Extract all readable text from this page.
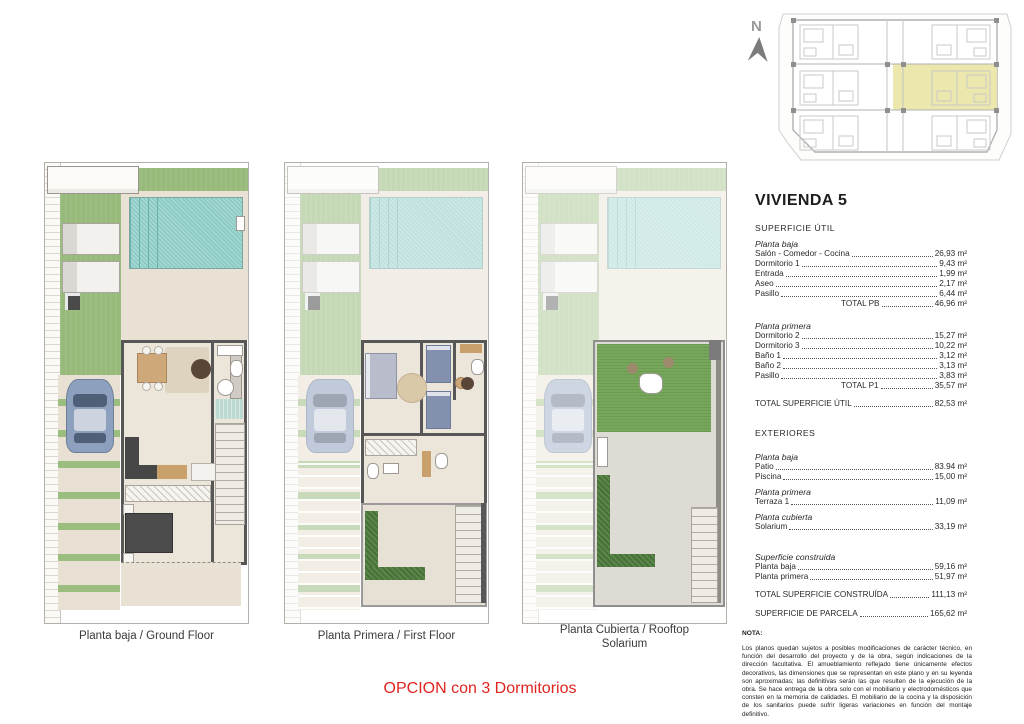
N
Planta baja / Ground Floor	Planta Primera / First Floor	Planta Cubierta / Rooftop Solarium
OPCION con 3 Dormitorios
VIVIENDA 5
SUPERFICIE ÚTIL
Planta baja
Salón - Comedor - Cocina	26,93 m²
Dormitorio 1	9,43 m²
Entrada	1,99 m²
Aseo	2,17 m²
Pasillo	6,44 m²
TOTAL PB	46,96 m²
Planta primera
Dormitorio 2	15,27 m²
Dormitorio 3	10,22 m²
Baño 1	3,12 m²
Baño 2	3,13 m²
Pasillo	3,83 m²
TOTAL P1	35,57 m²
TOTAL SUPERFICIE ÚTIL	82,53 m²
EXTERIORES
Planta baja
Patio	83.94 m²
Piscina	15,00 m²
Planta primera
Terraza 1	11,09 m²
Planta cubierta
Solarium	33,19 m²
Superficie construida
Planta baja	59,16 m²
Planta primera	51,97 m²
TOTAL SUPERFICIE CONSTRUÍDA	111,13 m²
SUPERFICIE DE PARCELA	165,62 m²
NOTA:
Los planos quedan sujetos a posibles modificaciones de carácter técnico, en función del desarrollo del proyecto y de la obra, según indicaciones de la dirección facultativa. El amueblamiento reflejado tiene únicamente efectos decorativos, las dimensiones que se representan en este plano y en su leyenda son aproximadas; las definitivas serán las que resulten de la ejecución de la obra. Se hace entrega de la obra solo con el mobiliario y electrodomésticos que consten en la memoria de calidades. El mobiliario de la cocina y la disposición de los sanitarios puede sufrir ligeras variaciones en función del montaje definitivo.
